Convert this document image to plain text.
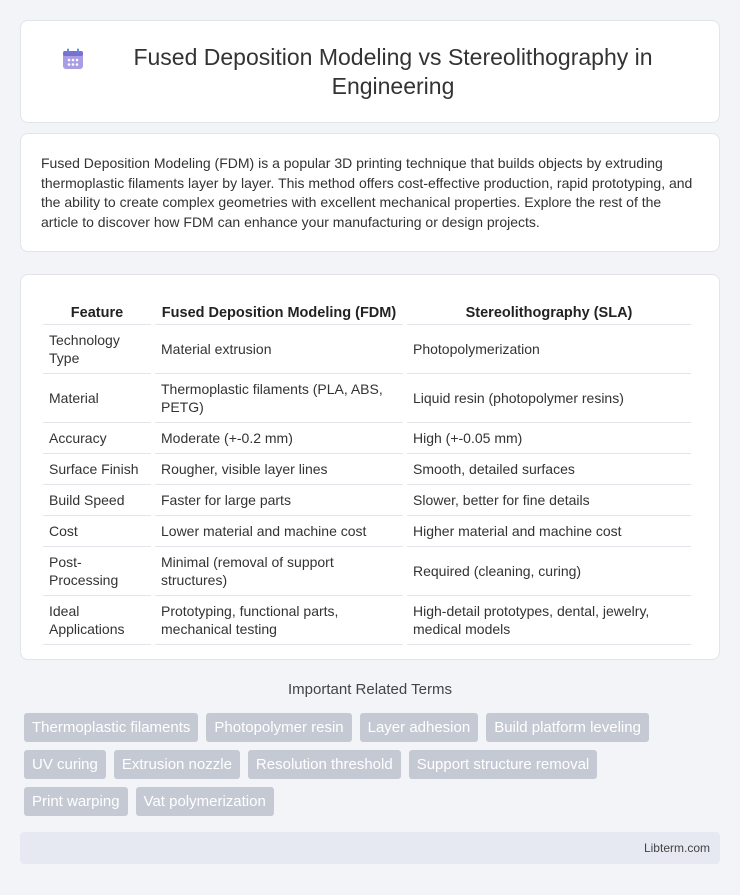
Fused Deposition Modeling vs Stereolithography in Engineering

Fused Deposition Modeling (FDM) is a popular 3D printing technique that builds objects by extruding thermoplastic filaments layer by layer. This method offers cost-effective production, rapid prototyping, and the ability to create complex geometries with excellent mechanical properties. Explore the rest of the article to discover how FDM can enhance your manufacturing or design projects.

Feature	Fused Deposition Modeling (FDM)	Stereolithography (SLA)
Technology Type	Material extrusion	Photopolymerization
Material	Thermoplastic filaments (PLA, ABS, PETG)	Liquid resin (photopolymer resins)
Accuracy	Moderate (+-0.2 mm)	High (+-0.05 mm)
Surface Finish	Rougher, visible layer lines	Smooth, detailed surfaces
Build Speed	Faster for large parts	Slower, better for fine details
Cost	Lower material and machine cost	Higher material and machine cost
Post-Processing	Minimal (removal of support structures)	Required (cleaning, curing)
Ideal Applications	Prototyping, functional parts, mechanical testing	High-detail prototypes, dental, jewelry, medical models
Important Related Terms
Thermoplastic filaments	Photopolymer resin	Layer adhesion	Build platform leveling
UV curing	Extrusion nozzle	Resolution threshold	Support structure removal
Print warping	Vat polymerization
Libterm.com
